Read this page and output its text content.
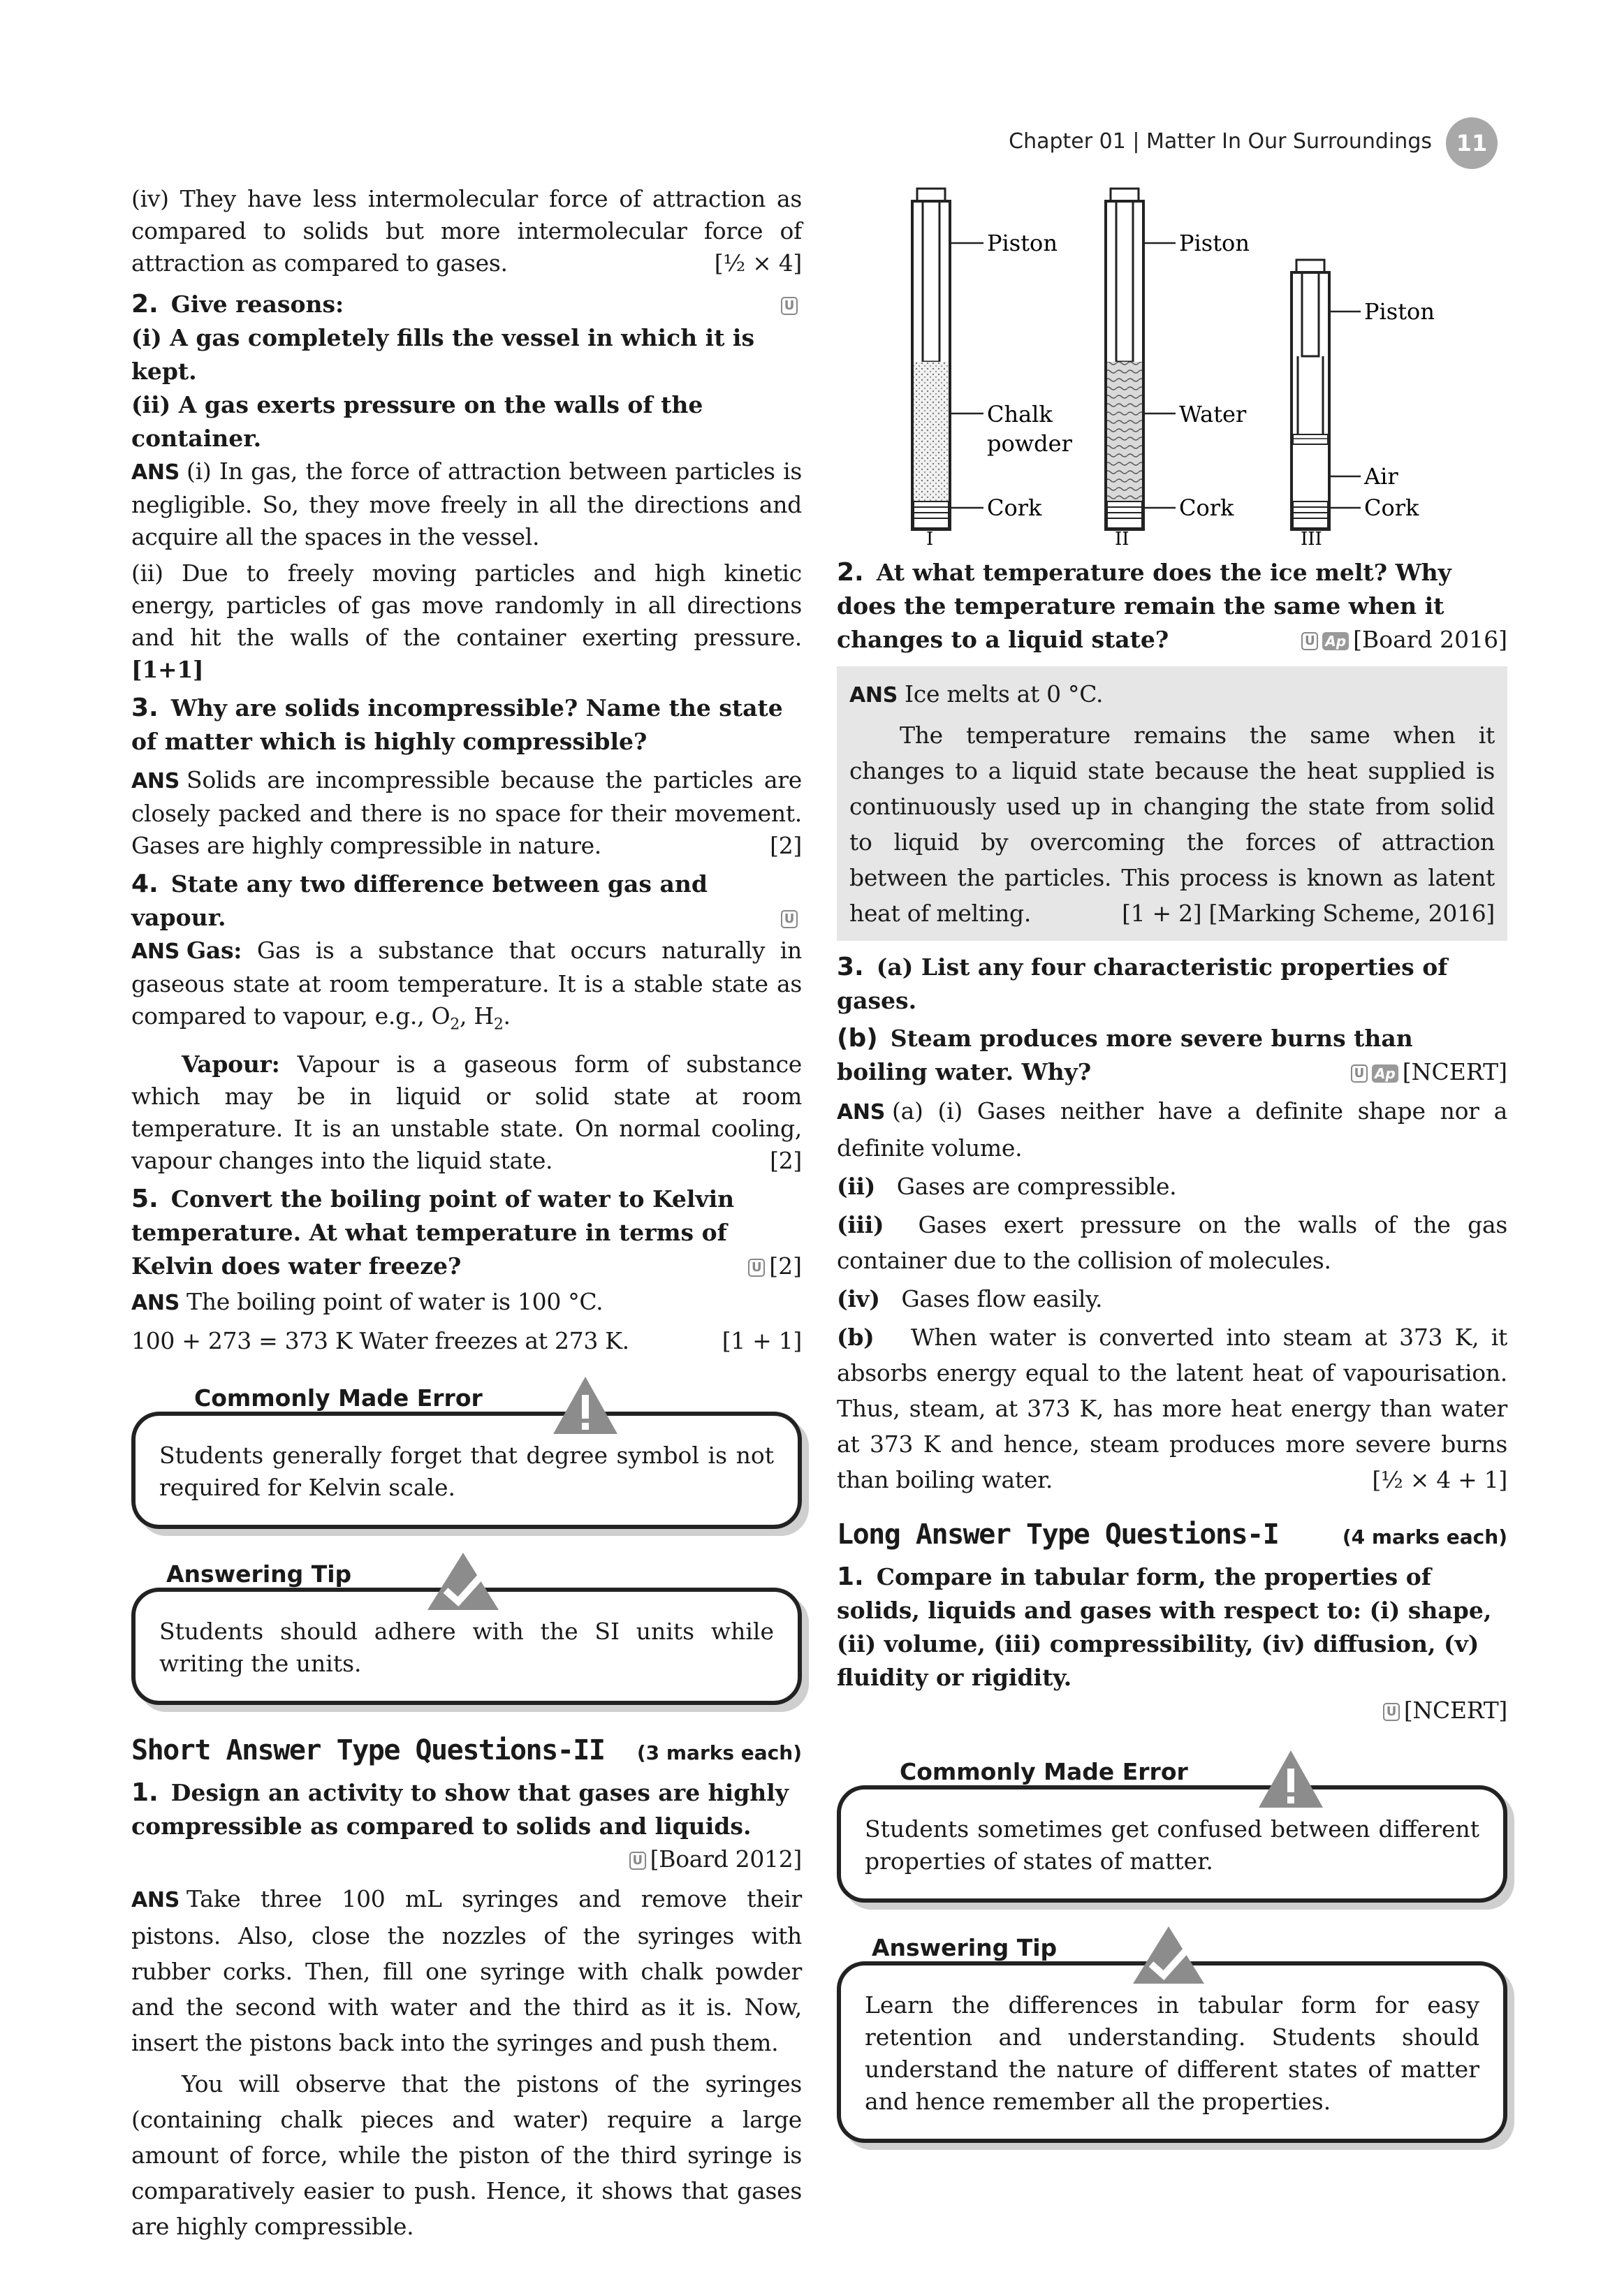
Chapter 01 | Matter In Our Surroundings	11

(iv) They have less intermolecular force of attraction as compared to solids but more intermolecular force of attraction as compared to gases.	[½ × 4]

2. Give reasons:	U

(i) A gas completely fills the vessel in which it is kept.

(ii) A gas exerts pressure on the walls of the container.

ANS (i) In gas, the force of attraction between particles is negligible. So, they move freely in all the directions and acquire all the spaces in the vessel.

(ii) Due to freely moving particles and high kinetic energy, particles of gas move randomly in all directions and hit the walls of the container exerting pressure. [1+1]

3. Why are solids incompressible? Name the state of matter which is highly compressible?

ANS Solids are incompressible because the particles are closely packed and there is no space for their movement. Gases are highly compressible in nature.	[2]

4. State any two difference between gas and vapour.	U

ANS Gas: Gas is a substance that occurs naturally in gaseous state at room temperature. It is a stable state as compared to vapour, e.g., $O_2$, $H_2$.

Vapour: Vapour is a gaseous form of substance which may be in liquid or solid state at room temperature. It is an unstable state. On normal cooling, vapour changes into the liquid state.	[2]

5. Convert the boiling point of water to Kelvin temperature. At what temperature in terms of Kelvin does water freeze?	U [2]

ANS The boiling point of water is 100 °C.

100 + 273 = 373 K Water freezes at 273 K.	[1 + 1]

Commonly Made Error
Students generally forget that degree symbol is not required for Kelvin scale.
Answering Tip
Students should adhere with the SI units while writing the units.
Short Answer Type Questions-II (3 marks each)

1. Design an activity to show that gases are highly compressible as compared to solids and liquids.

U [Board 2012]

ANS Take three 100 mL syringes and remove their pistons. Also, close the nozzles of the syringes with rubber corks. Then, fill one syringe with chalk powder and the second with water and the third as it is. Now, insert the pistons back into the syringes and push them.

You will observe that the pistons of the syringes (containing chalk pieces and water) require a large amount of force, while the piston of the third syringe is comparatively easier to push. Hence, it shows that gases are highly compressible.

Piston
Chalk
powder
Cork
I
Piston
Water
Cork
II
Piston
Air
Cork
III

2. At what temperature does the ice melt? Why does the temperature remain the same when it changes to a liquid state?	U Ap [Board 2016]

ANS Ice melts at 0 °C.

The temperature remains the same when it changes to a liquid state because the heat supplied is continuously used up in changing the state from solid to liquid by overcoming the forces of attraction between the particles. This process is known as latent heat of melting.	[1 + 2] [Marking Scheme, 2016]

3. (a) List any four characteristic properties of gases.

(b) Steam produces more severe burns than boiling water. Why?	U Ap [NCERT]

ANS (a) (i) Gases neither have a definite shape nor a definite volume.

(ii) Gases are compressible.

(iii) Gases exert pressure on the walls of the gas container due to the collision of molecules.

(iv) Gases flow easily.

(b) When water is converted into steam at 373 K, it absorbs energy equal to the latent heat of vapourisation. Thus, steam, at 373 K, has more heat energy than water at 373 K and hence, steam produces more severe burns than boiling water.	[½ × 4 + 1]

Long Answer Type Questions-I	(4 marks each)

1. Compare in tabular form, the properties of solids, liquids and gases with respect to: (i) shape, (ii) volume, (iii) compressibility, (iv) diffusion, (v) fluidity or rigidity.

U [NCERT]

Commonly Made Error
Students sometimes get confused between different properties of states of matter.
Answering Tip
Learn the differences in tabular form for easy retention and understanding. Students should understand the nature of different states of matter and hence remember all the properties.
